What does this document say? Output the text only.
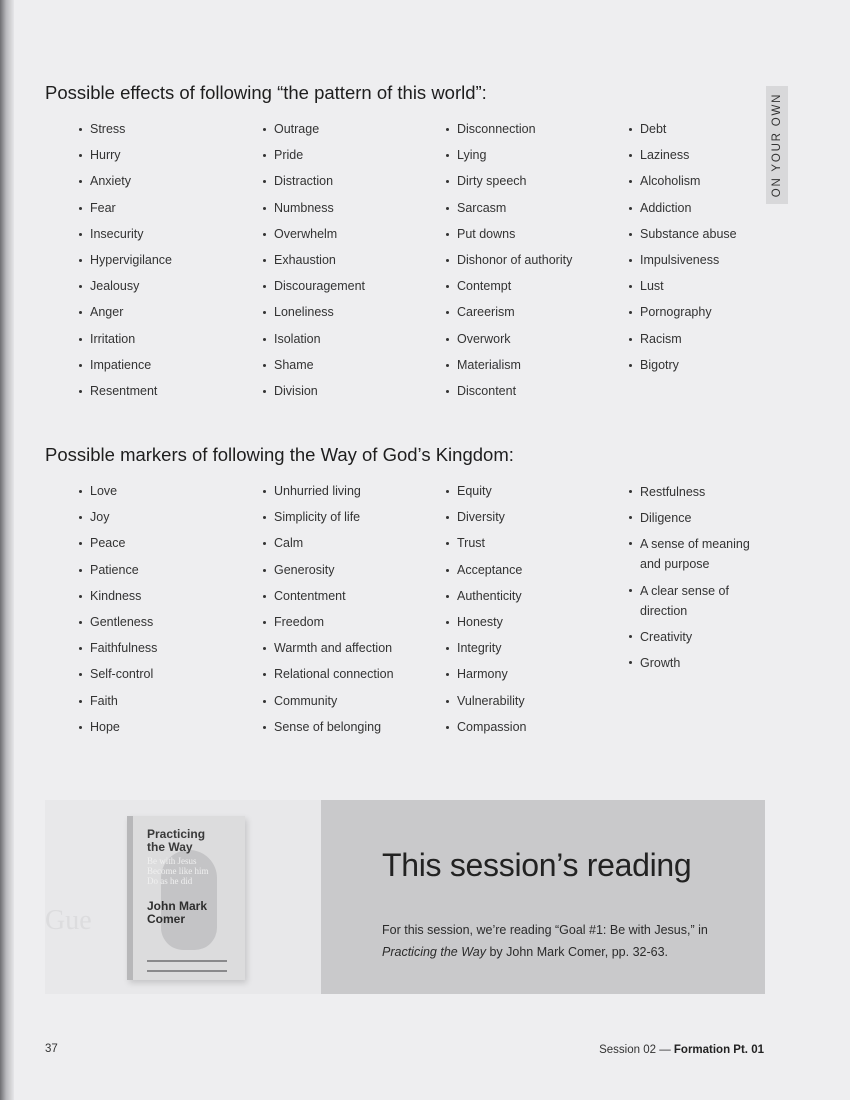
Possible effects of following “the pattern of this world”:
Stress
Hurry
Anxiety
Fear
Insecurity
Hypervigilance
Jealousy
Anger
Irritation
Impatience
Resentment
Outrage
Pride
Distraction
Numbness
Overwhelm
Exhaustion
Discouragement
Loneliness
Isolation
Shame
Division
Disconnection
Lying
Dirty speech
Sarcasm
Put downs
Dishonor of authority
Contempt
Careerism
Overwork
Materialism
Discontent
Debt
Laziness
Alcoholism
Addiction
Substance abuse
Impulsiveness
Lust
Pornography
Racism
Bigotry
ON YOUR OWN
Possible markers of following the Way of God’s Kingdom:
Love
Joy
Peace
Patience
Kindness
Gentleness
Faithfulness
Self-control
Faith
Hope
Unhurried living
Simplicity of life
Calm
Generosity
Contentment
Freedom
Warmth and affection
Relational connection
Community
Sense of belonging
Equity
Diversity
Trust
Acceptance
Authenticity
Honesty
Integrity
Harmony
Vulnerability
Compassion
Restfulness
Diligence
A sense of meaning and purpose
A clear sense of direction
Creativity
Growth
Gue
Practicing
the Way
Be with Jesus
Become like him
Do as he did
John Mark
Comer
This session’s reading

For this session, we’re reading “Goal #1: Be with Jesus,” in Practicing the Way by John Mark Comer, pp. 32-63.

37	Session 02 — Formation Pt. 01
